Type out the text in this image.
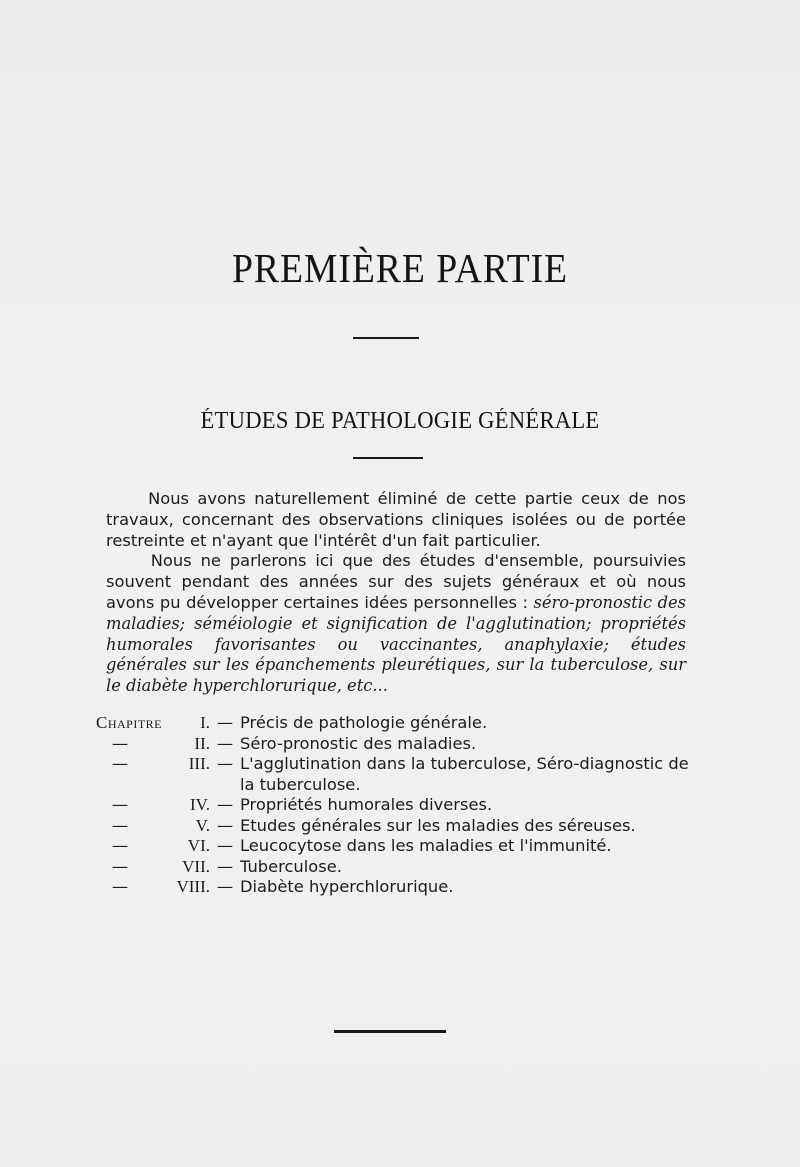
PREMIÈRE PARTIE
ÉTUDES DE PATHOLOGIE GÉNÉRALE

Nous avons naturellement éliminé de cette partie ceux de nos travaux, concernant des observations cliniques isolées ou de portée restreinte et n'ayant que l'intérêt d'un fait particulier.

Nous ne parlerons ici que des études d'ensemble, poursuivies souvent pendant des années sur des sujets généraux et où nous avons pu développer certaines idées personnelles : séro-pronostic des maladies; séméiologie et signification de l'agglutination; propriétés humorales favorisantes ou vaccinantes, anaphylaxie; études générales sur les épanchements pleurétiques, sur la tuberculose, sur le diabète hyperchlorurique, etc...

Chapitre	I. — Précis de pathologie générale.
—	II. — Séro-pronostic des maladies.
—	III. — L'agglutination dans la tuberculose, Séro-diagnostic de la tuberculose.
—	IV. — Propriétés humorales diverses.
—	V. — Etudes générales sur les maladies des séreuses.
—	VI. — Leucocytose dans les maladies et l'immunité.
—	VII. — Tuberculose.
—	VIII. — Diabète hyperchlorurique.
